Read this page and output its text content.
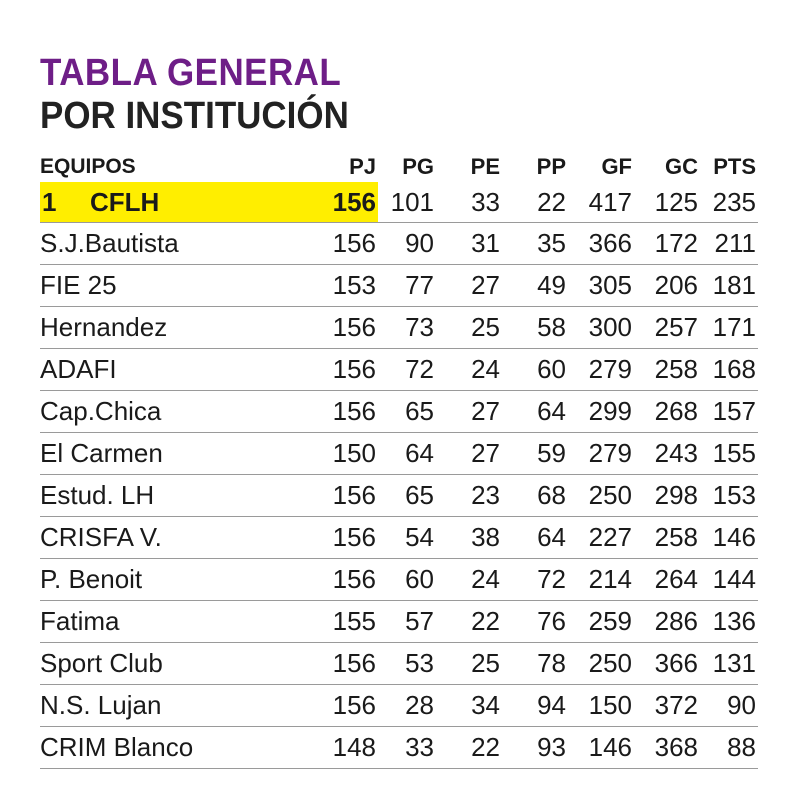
TABLA GENERAL
POR INSTITUCIÓN
EQUIPOS	PJ	PG	PE	PP	GF	GC	PTS
1 CFLH	156	101	33	22	417	125	235
S.J.Bautista	156	90	31	35	366	172	211
FIE 25	153	77	27	49	305	206	181
Hernandez	156	73	25	58	300	257	171
ADAFI	156	72	24	60	279	258	168
Cap.Chica	156	65	27	64	299	268	157
El Carmen	150	64	27	59	279	243	155
Estud. LH	156	65	23	68	250	298	153
CRISFA V.	156	54	38	64	227	258	146
P. Benoit	156	60	24	72	214	264	144
Fatima	155	57	22	76	259	286	136
Sport Club	156	53	25	78	250	366	131
N.S. Lujan	156	28	34	94	150	372	90
CRIM Blanco	148	33	22	93	146	368	88
